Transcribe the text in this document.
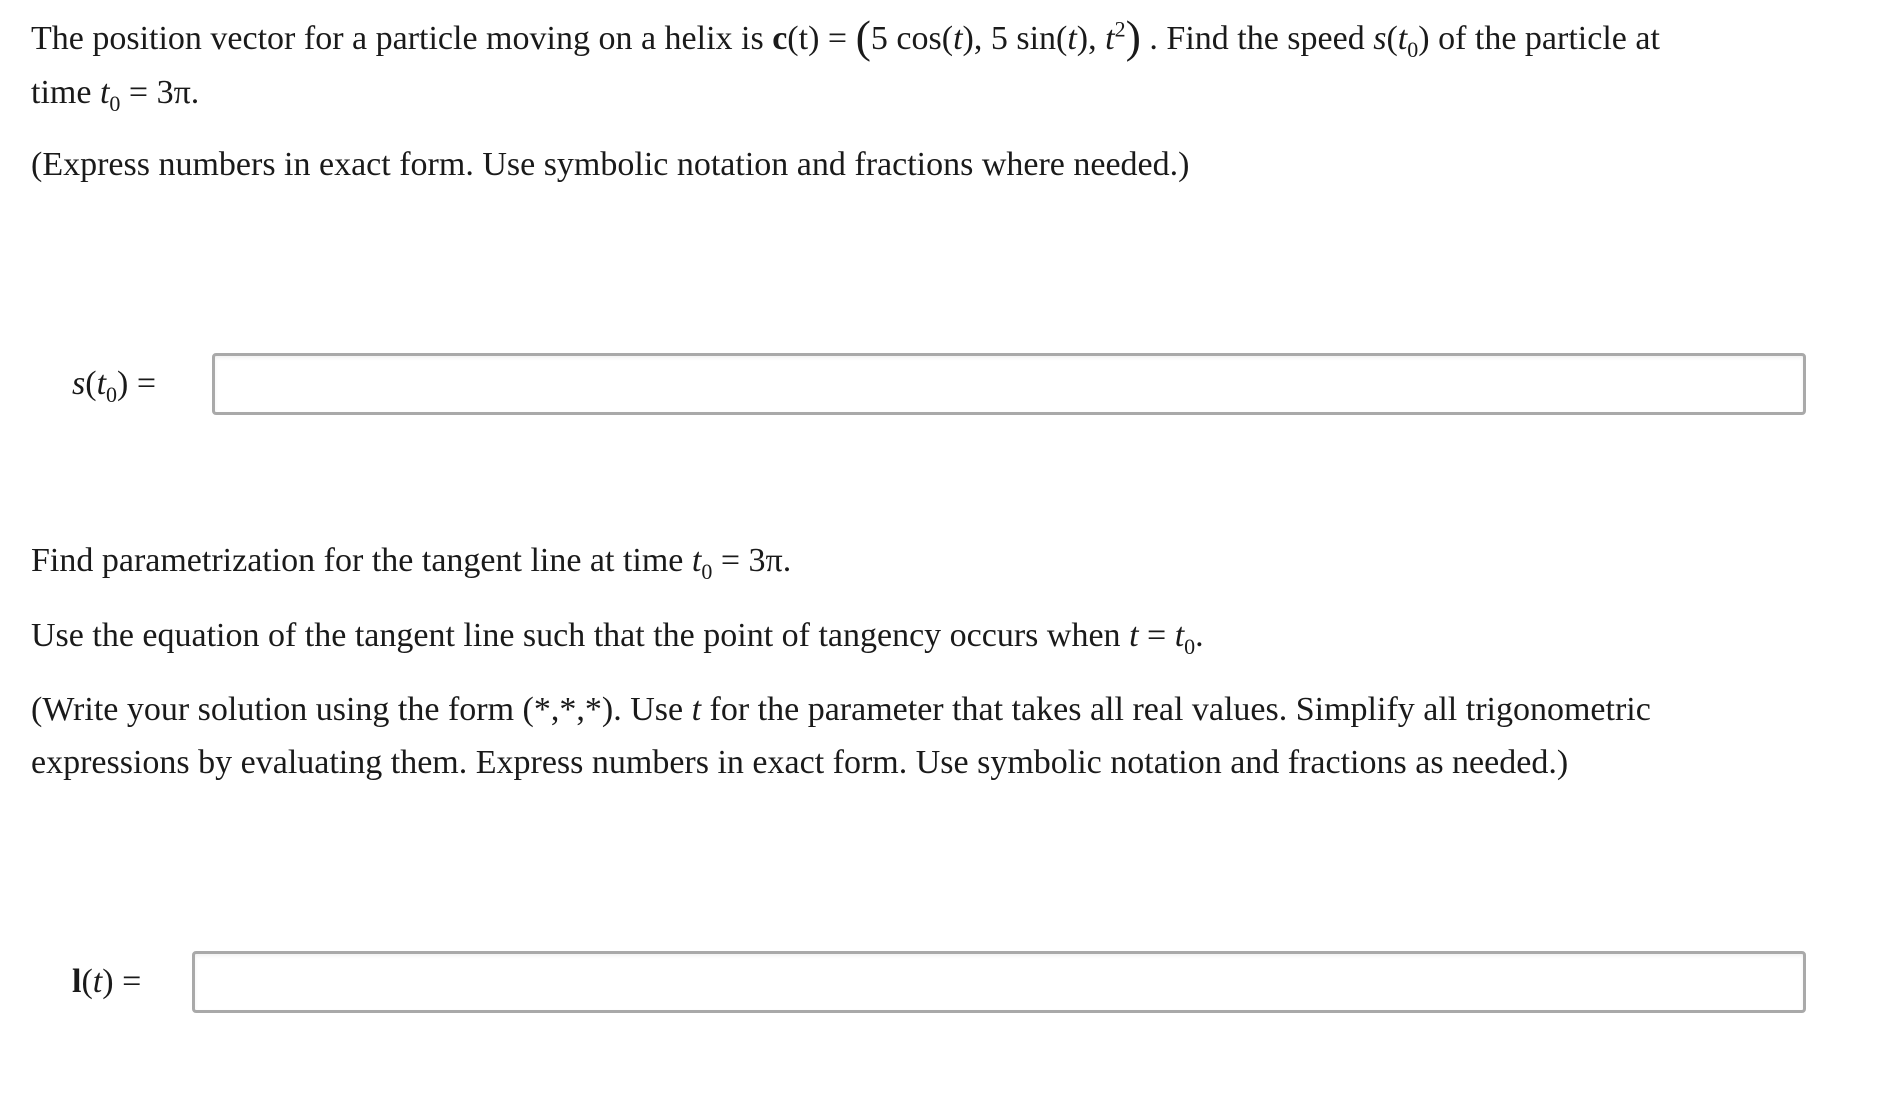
The position vector for a particle moving on a helix is c(t) = (5 cos(t), 5 sin(t), $t^2$) . Find the speed $s(t_0)$ of the particle at

time $t_0 = 3\pi$.

(Express numbers in exact form. Use symbolic notation and fractions where needed.)

$s(t_0)$ =

Find parametrization for the tangent line at time $t_0 = 3\pi$.

Use the equation of the tangent line such that the point of tangency occurs when $t = t_0$.

(Write your solution using the form (*,*,*). Use t for the parameter that takes all real values. Simplify all trigonometric

expressions by evaluating them. Express numbers in exact form. Use symbolic notation and fractions as needed.)

l(t) =
